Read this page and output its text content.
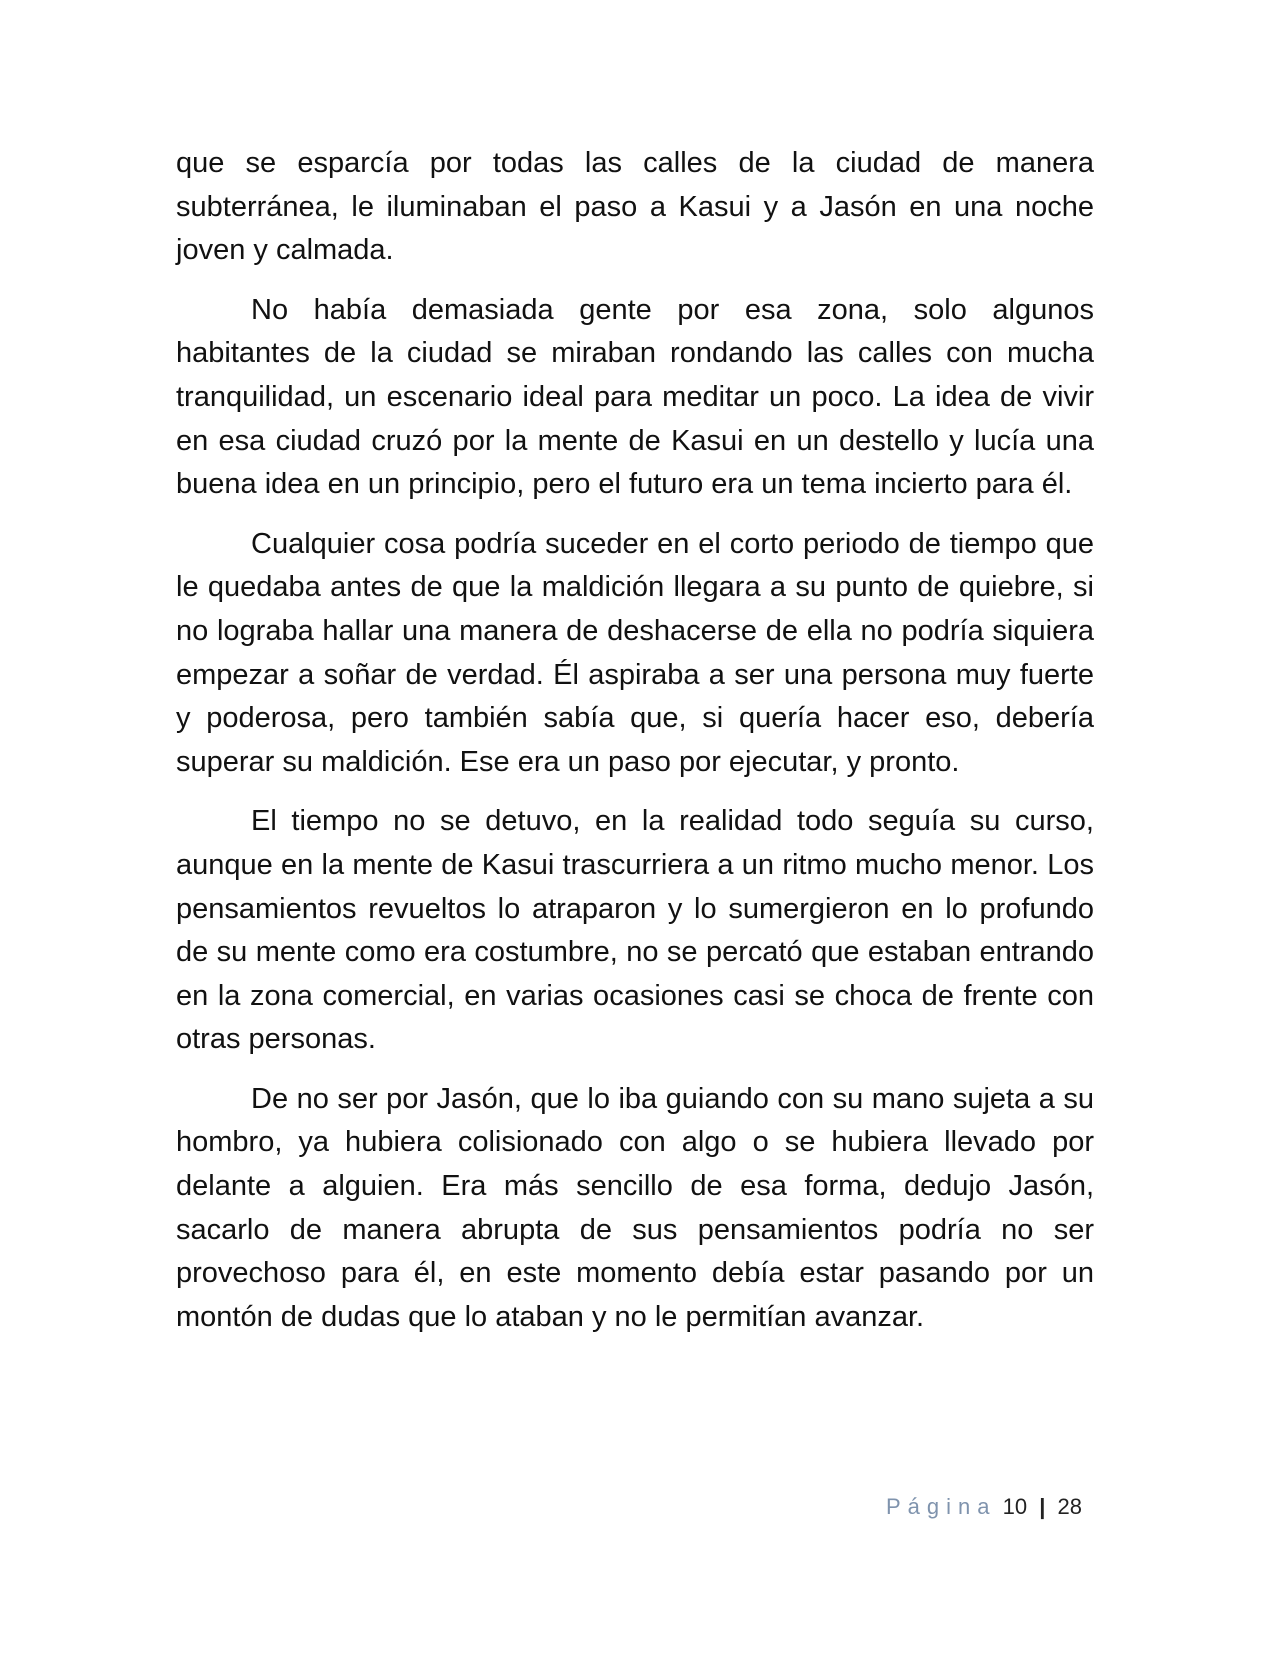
que se esparcía por todas las calles de la ciudad de manera subterránea, le iluminaban el paso a Kasui y a Jasón en una noche joven y calmada.

No había demasiada gente por esa zona, solo algunos habitantes de la ciudad se miraban rondando las calles con mucha tranquilidad, un escenario ideal para meditar un poco. La idea de vivir en esa ciudad cruzó por la mente de Kasui en un destello y lucía una buena idea en un principio, pero el futuro era un tema incierto para él.

Cualquier cosa podría suceder en el corto periodo de tiempo que le quedaba antes de que la maldición llegara a su punto de quiebre, si no lograba hallar una manera de deshacerse de ella no podría siquiera empezar a soñar de verdad. Él aspiraba a ser una persona muy fuerte y poderosa, pero también sabía que, si quería hacer eso, debería superar su maldición. Ese era un paso por ejecutar, y pronto.

El tiempo no se detuvo, en la realidad todo seguía su curso, aunque en la mente de Kasui trascurriera a un ritmo mucho menor. Los pensamientos revueltos lo atraparon y lo sumergieron en lo profundo de su mente como era costumbre, no se percató que estaban entrando en la zona comercial, en varias ocasiones casi se choca de frente con otras personas.

De no ser por Jasón, que lo iba guiando con su mano sujeta a su hombro, ya hubiera colisionado con algo o se hubiera llevado por delante a alguien. Era más sencillo de esa forma, dedujo Jasón, sacarlo de manera abrupta de sus pensamientos podría no ser provechoso para él, en este momento debía estar pasando por un montón de dudas que lo ataban y no le permitían avanzar.

Página 10 | 28
